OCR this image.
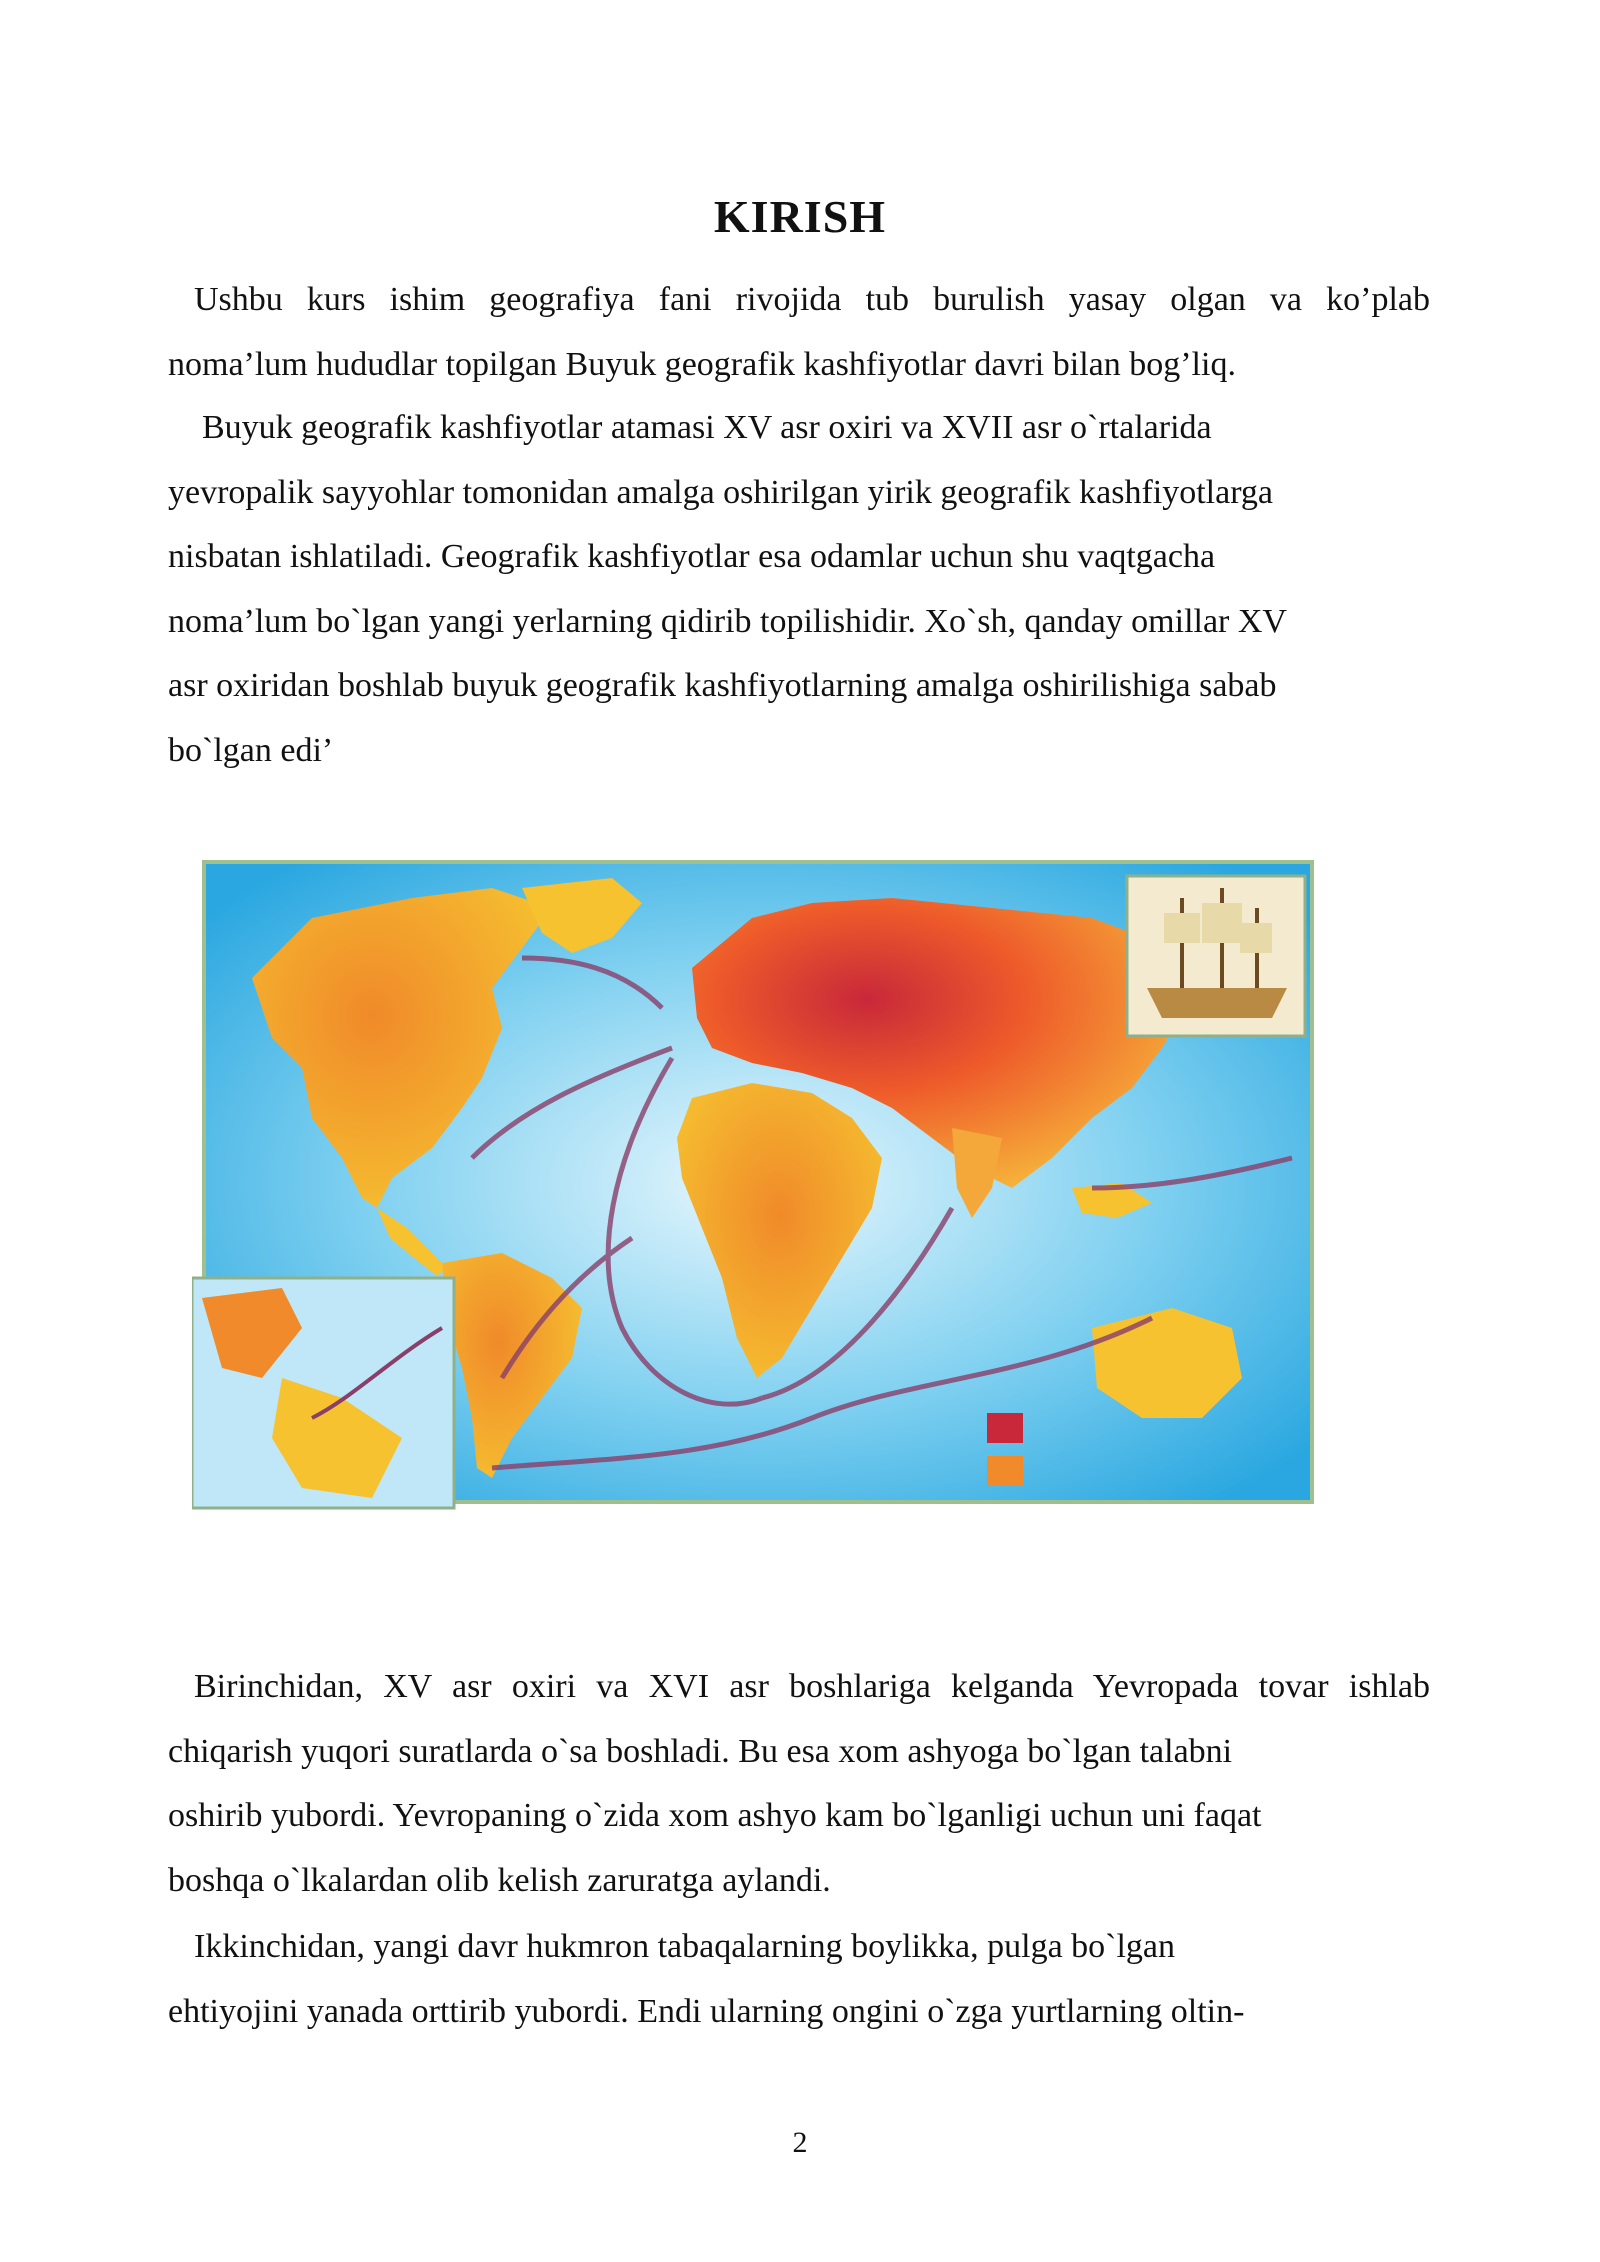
KIRISH

Ushbu kurs ishim geografiya fani rivojida tub burulish yasay olgan va ko’plab
noma’lum hududlar topilgan Buyuk geografik kashfiyotlar davri bilan bog’liq.

Buyuk geografik kashfiyotlar atamasi XV asr oxiri va XVII asr o`rtalarida
yevropalik sayyohlar tomonidan amalga oshirilgan yirik geografik kashfiyotlarga
nisbatan ishlatiladi. Geografik kashfiyotlar esa odamlar uchun shu vaqtgacha
noma’lum bo`lgan yangi yerlarning qidirib topilishidir. Xo`sh, qanday omillar XV
asr oxiridan boshlab buyuk geografik kashfiyotlarning amalga oshirilishiga sabab
bo`lgan edi’

Birinchidan, XV asr oxiri va XVI asr boshlariga kelganda Yevropada tovar ishlab
chiqarish yuqori suratlarda o`sa boshladi. Bu esa xom ashyoga bo`lgan talabni
oshirib yubordi. Yevropaning o`zida xom ashyo kam bo`lganligi uchun uni faqat
boshqa o`lkalardan olib kelish zaruratga aylandi.

Ikkinchidan, yangi davr hukmron tabaqalarning boylikka, pulga bo`lgan
ehtiyojini yanada orttirib yubordi. Endi ularning ongini o`zga yurtlarning oltin-

2
